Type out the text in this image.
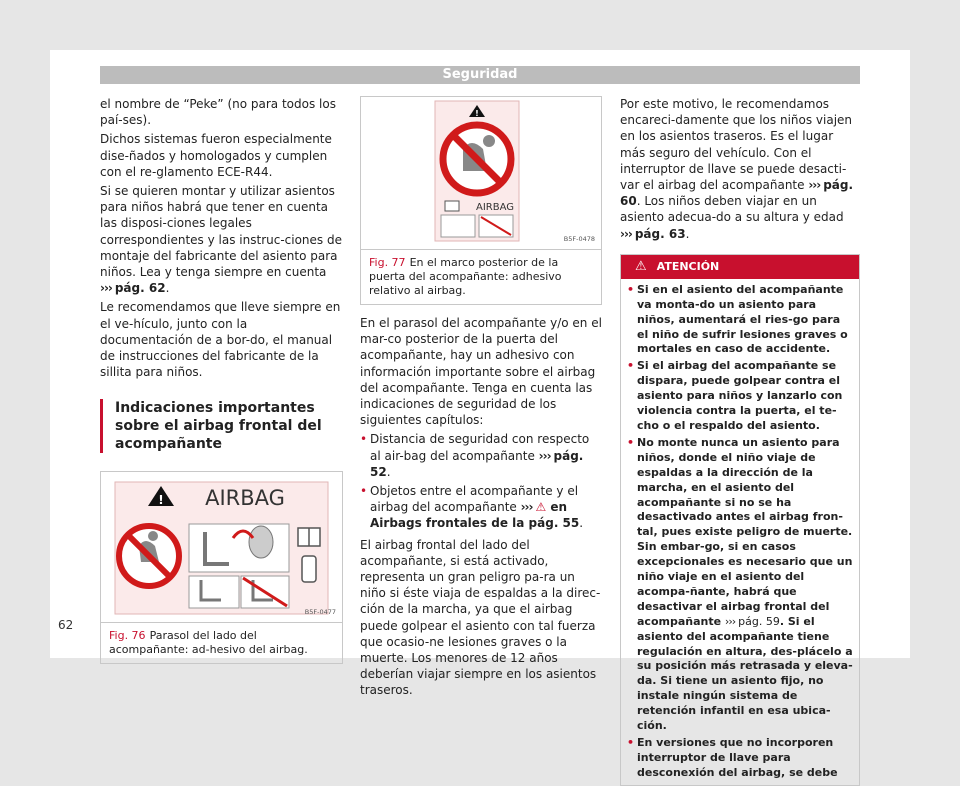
Seguridad

el nombre de “Peke” (no para todos los paí-ses).

Dichos sistemas fueron especialmente dise-ñados y homologados y cumplen con el re-glamento ECE-R44.

Si se quieren montar y utilizar asientos para niños habrá que tener en cuenta las disposi-ciones legales correspondientes y las instruc-ciones de montaje del fabricante del asiento para niños. Lea y tenga siempre en cuenta
››› pág. 62.

Le recomendamos que lleve siempre en el ve-hículo, junto con la documentación de a bor-do, el manual de instrucciones del fabricante de la sillita para niños.

Indicaciones importantes sobre el airbag frontal del acompañante
! AIRBAG
B5F-0477
Fig. 76 Parasol del lado del acompañante: ad-hesivo del airbag.
!
AIRBAG
B5F-0478
Fig. 77 En el marco posterior de la puerta del acompañante: adhesivo relativo al airbag.

En el parasol del acompañante y/o en el mar-co posterior de la puerta del acompañante, hay un adhesivo con información importante sobre el airbag del acompañante. Tenga en cuenta las indicaciones de seguridad de los siguientes capítulos:

• Distancia de seguridad con respecto al air-bag del acompañante ››› pág. 52.
• Objetos entre el acompañante y el airbag del acompañante ››› ⚠ en Airbags frontales de la pág. 55.

El airbag frontal del lado del acompañante, si está activado, representa un gran peligro pa-ra un niño si éste viaja de espaldas a la direc-ción de la marcha, ya que el airbag puede golpear el asiento con tal fuerza que ocasio-ne lesiones graves o la muerte. Los menores de 12 años deberían viajar siempre en los asientos traseros.

Por este motivo, le recomendamos encareci-damente que los niños viajen en los asientos traseros. Es el lugar más seguro del vehículo. Con el interruptor de llave se puede desacti-var el airbag del acompañante ››› pág. 60. Los niños deben viajar en un asiento adecua-do a su altura y edad ››› pág. 63.

⚠ ATENCIÓN
• Si en el asiento del acompañante va monta-do un asiento para niños, aumentará el ries-go para el niño de sufrir lesiones graves o mortales en caso de accidente.
• Si el airbag del acompañante se dispara, puede golpear contra el asiento para niños y lanzarlo con violencia contra la puerta, el te-cho o el respaldo del asiento.
• No monte nunca un asiento para niños, donde el niño viaje de espaldas a la dirección de la marcha, en el asiento del acompañante si no se ha desactivado antes el airbag fron-tal, pues existe peligro de muerte. Sin embar-go, si en casos excepcionales es necesario que un niño viaje en el asiento del acompa-ñante, habrá que desactivar el airbag frontal del acompañante ››› pág. 59. Si el asiento del acompañante tiene regulación en altura, des-plácelo a su posición más retrasada y eleva-da. Si tiene un asiento fijo, no instale ningún sistema de retención infantil en esa ubica-ción.
• En versiones que no incorporen interruptor de llave para desconexión del airbag, se debe
62
